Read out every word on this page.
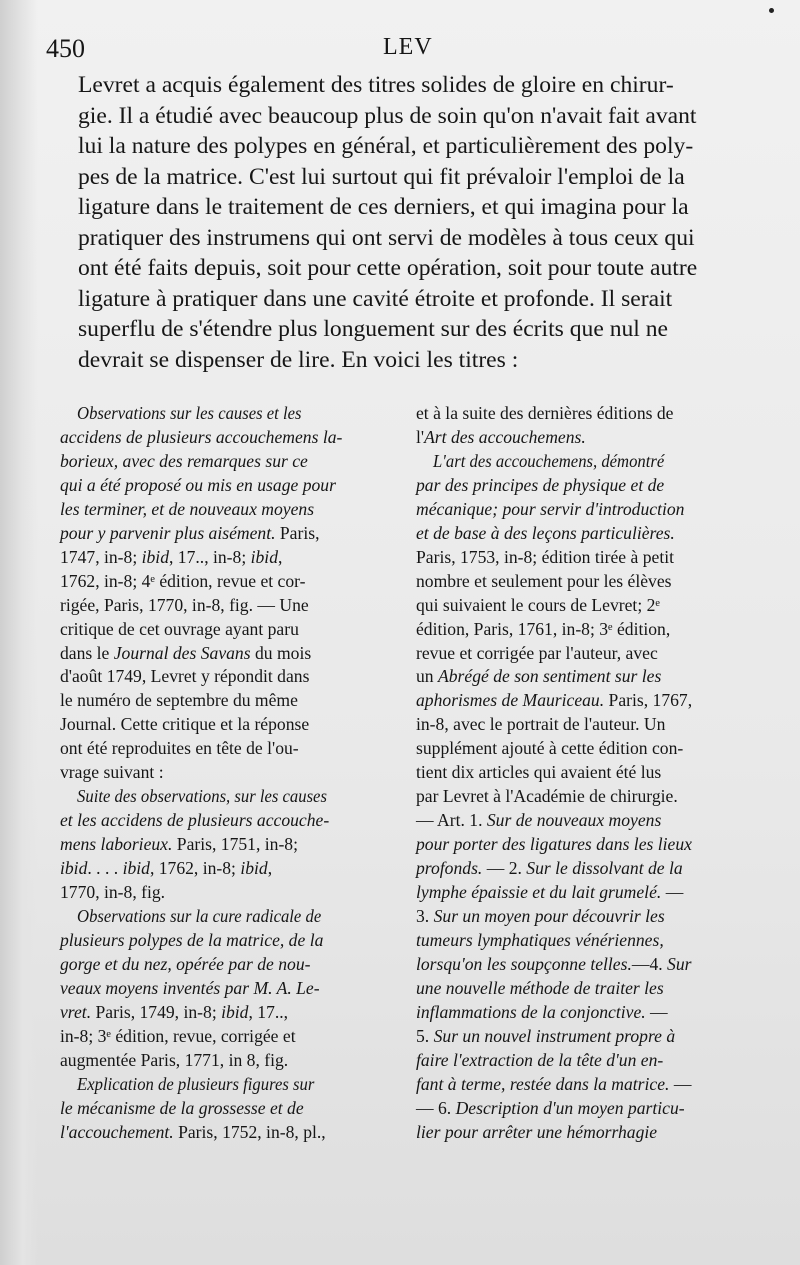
450	LEV
Levret a acquis également des titres solides de gloire en chirur-
gie. Il a étudié avec beaucoup plus de soin qu'on n'avait fait avant
lui la nature des polypes en général, et particulièrement des poly-
pes de la matrice. C'est lui surtout qui fit prévaloir l'emploi de la
ligature dans le traitement de ces derniers, et qui imagina pour la
pratiquer des instrumens qui ont servi de modèles à tous ceux qui
ont été faits depuis, soit pour cette opération, soit pour toute autre
ligature à pratiquer dans une cavité étroite et profonde. Il serait
superflu de s'étendre plus longuement sur des écrits que nul ne
devrait se dispenser de lire. En voici les titres :
Observations sur les causes et les
accidens de plusieurs accouchemens la-
borieux, avec des remarques sur ce
qui a été proposé ou mis en usage pour
les terminer, et de nouveaux moyens
pour y parvenir plus aisément. Paris,
1747, in-8; ibid, 17.., in-8; ibid,
1762, in-8; 4ᵉ édition, revue et cor-
rigée, Paris, 1770, in-8, fig. — Une
critique de cet ouvrage ayant paru
dans le Journal des Savans du mois
d'août 1749, Levret y répondit dans
le numéro de septembre du même
Journal. Cette critique et la réponse
ont été reproduites en tête de l'ou-
vrage suivant :
Suite des observations, sur les causes
et les accidens de plusieurs accouche-
mens laborieux. Paris, 1751, in-8;
ibid. . . . ibid, 1762, in-8; ibid,
1770, in-8, fig.
Observations sur la cure radicale de
plusieurs polypes de la matrice, de la
gorge et du nez, opérée par de nou-
veaux moyens inventés par M. A. Le-
vret. Paris, 1749, in-8; ibid, 17..,
in-8; 3ᵉ édition, revue, corrigée et
augmentée Paris, 1771, in 8, fig.
Explication de plusieurs figures sur
le mécanisme de la grossesse et de
l'accouchement. Paris, 1752, in-8, pl.,
et à la suite des dernières éditions de
l'Art des accouchemens.
L'art des accouchemens, démontré
par des principes de physique et de
mécanique; pour servir d'introduction
et de base à des leçons particulières.
Paris, 1753, in-8; édition tirée à petit
nombre et seulement pour les élèves
qui suivaient le cours de Levret; 2ᵉ
édition, Paris, 1761, in-8; 3ᵉ édition,
revue et corrigée par l'auteur, avec
un Abrégé de son sentiment sur les
aphorismes de Mauriceau. Paris, 1767,
in-8, avec le portrait de l'auteur. Un
supplément ajouté à cette édition con-
tient dix articles qui avaient été lus
par Levret à l'Académie de chirurgie.
— Art. 1. Sur de nouveaux moyens
pour porter des ligatures dans les lieux
profonds. — 2. Sur le dissolvant de la
lymphe épaissie et du lait grumelé. —
3. Sur un moyen pour découvrir les
tumeurs lymphatiques vénériennes,
lorsqu'on les soupçonne telles.—4. Sur
une nouvelle méthode de traiter les
inflammations de la conjonctive. —
5. Sur un nouvel instrument propre à
faire l'extraction de la tête d'un en-
fant à terme, restée dans la matrice. —
— 6. Description d'un moyen particu-
lier pour arrêter une hémorrhagie
